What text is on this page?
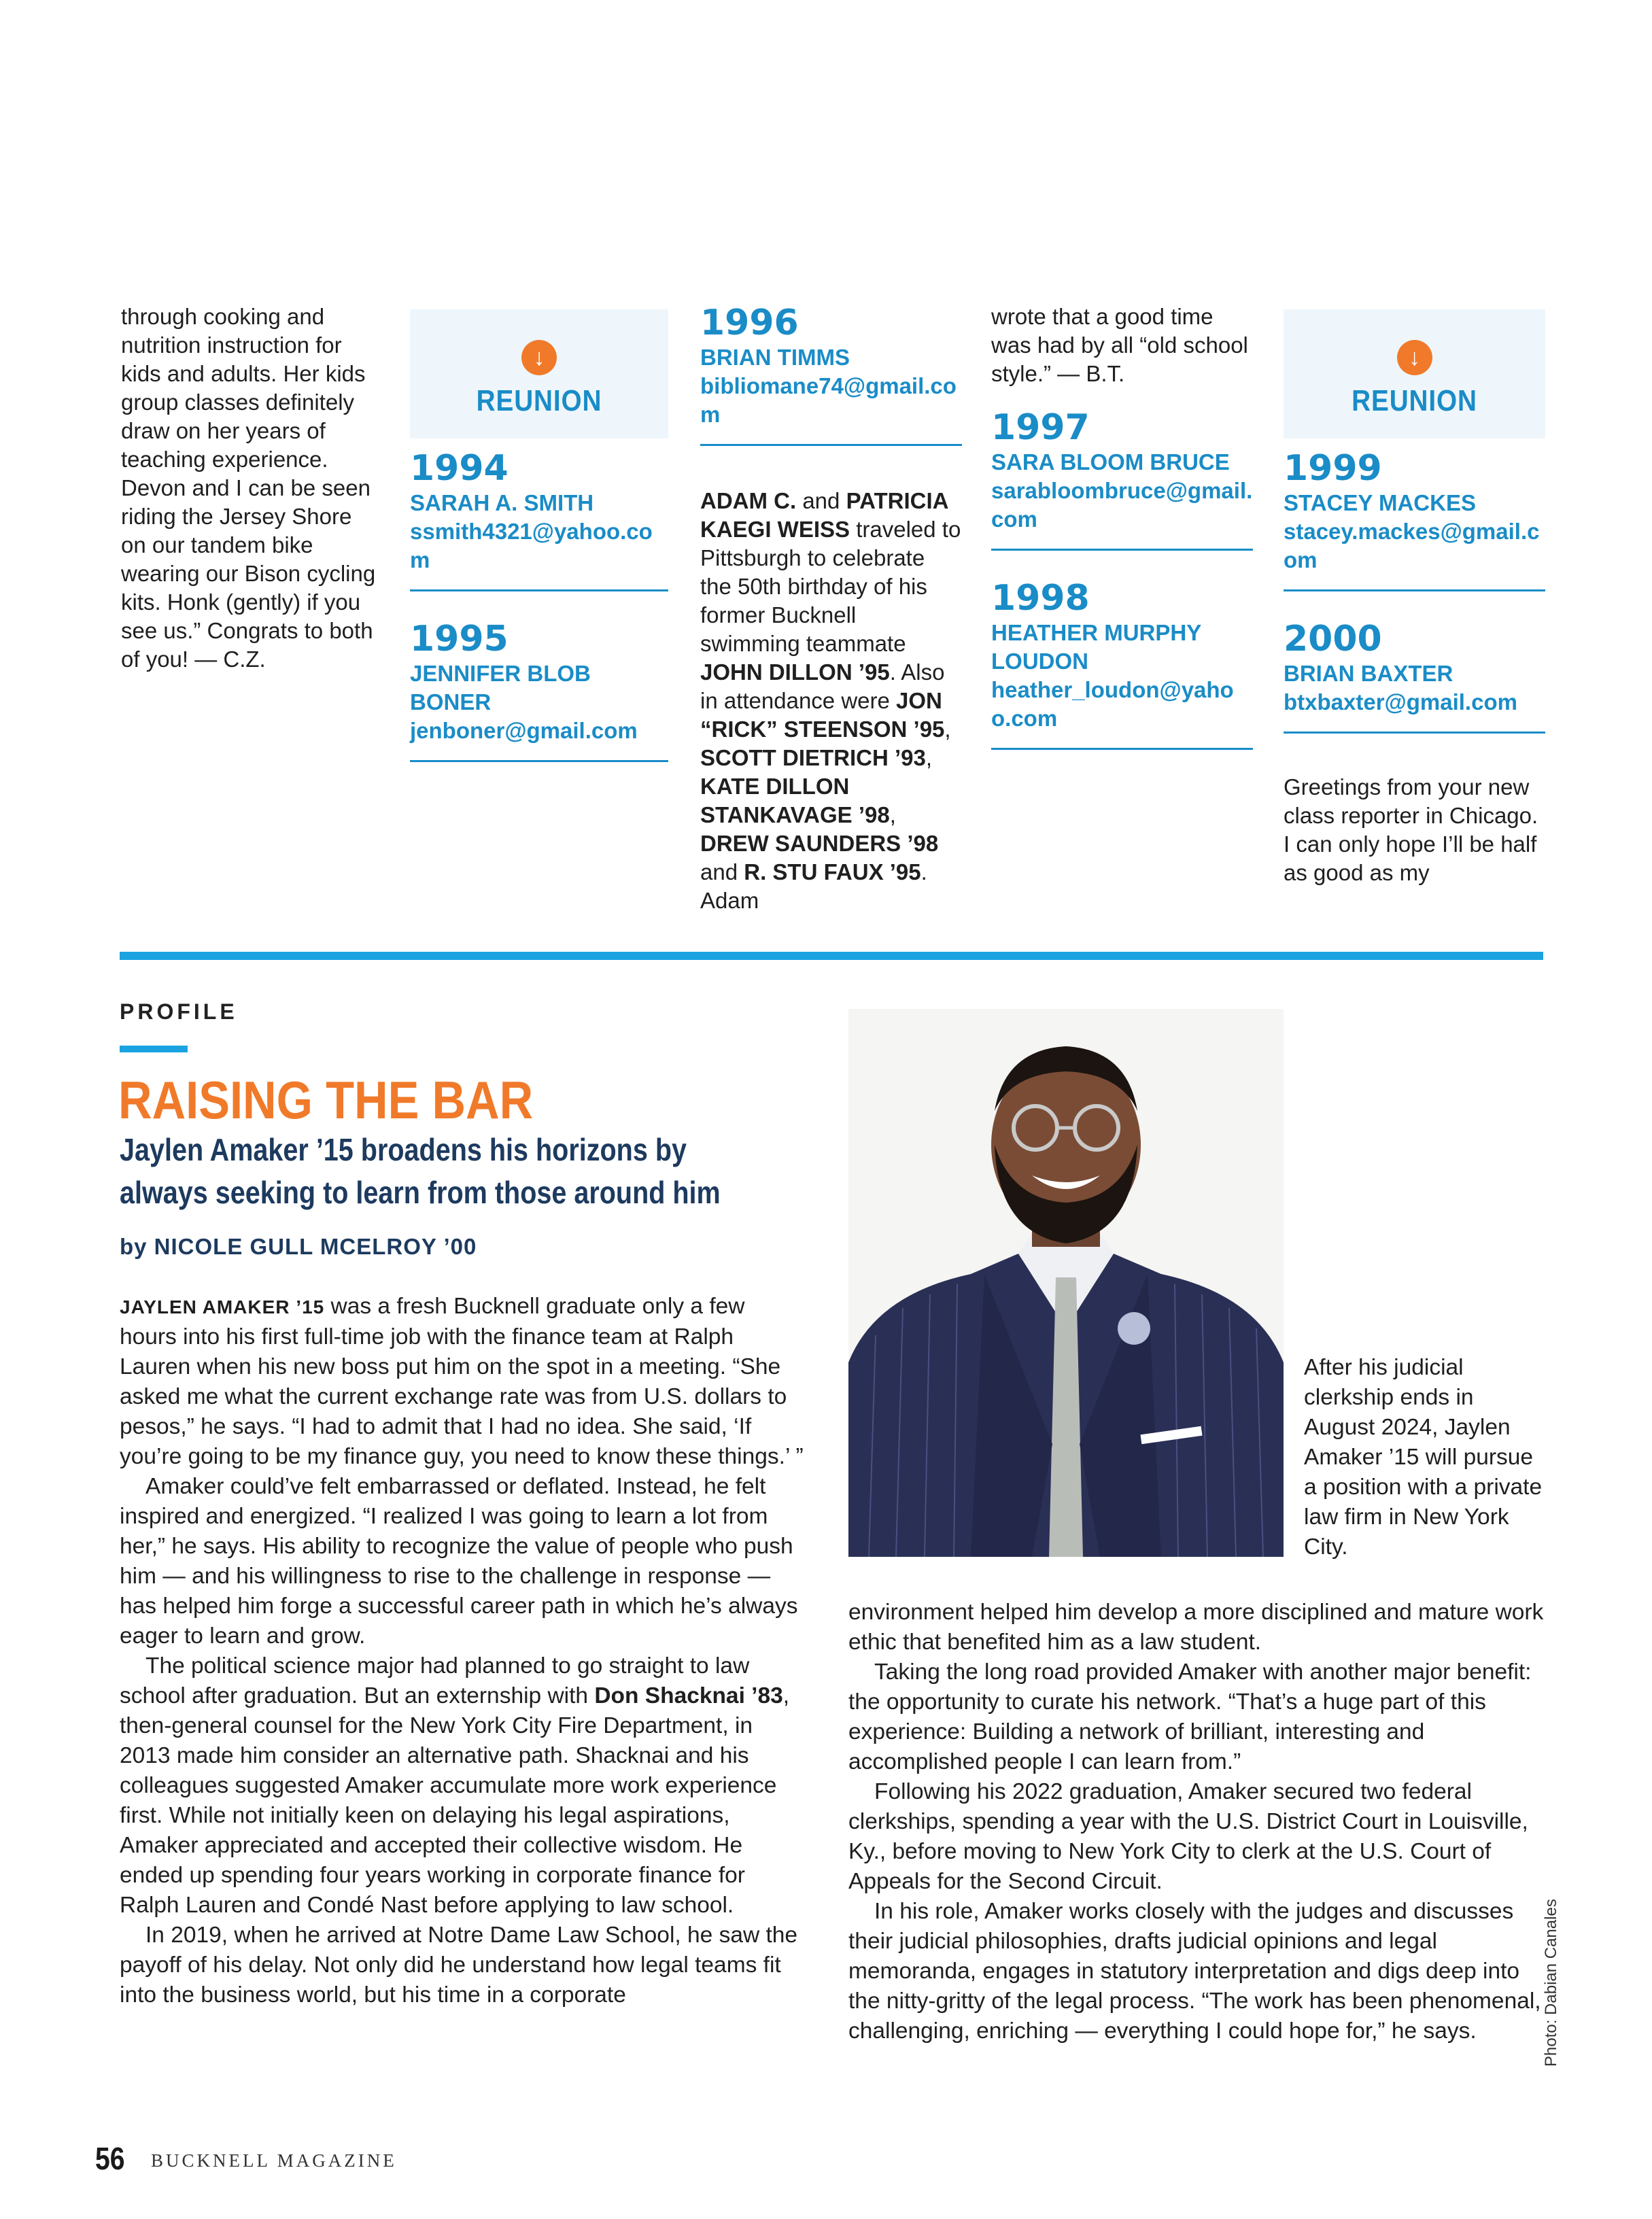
through cooking and nutrition instruction for kids and adults. Her kids group classes definitely draw on her years of teaching experience. Devon and I can be seen riding the Jersey Shore on our tandem bike wearing our Bison cycling kits. Honk (gently) if you see us.” Congrats to both of you! — C.Z.

↓
REUNION
1994
SARAH A. SMITH
ssmith4321@yahoo.com
1995
JENNIFER BLOB BONER
jenboner@gmail.com
1996
BRIAN TIMMS
bibliomane74@gmail.com

ADAM C. and PATRICIA KAEGI WEISS traveled to Pittsburgh to celebrate the 50th birthday of his former Bucknell swimming teammate JOHN DILLON ’95. Also in attendance were JON “RICK” STEENSON ’95, SCOTT DIETRICH ’93, KATE DILLON STANKAVAGE ’98, DREW SAUNDERS ’98 and R. STU FAUX ’95. Adam

wrote that a good time was had by all “old school style.” — B.T.

1997
SARA BLOOM BRUCE
sarabloombruce@gmail.com
1998
HEATHER MURPHY LOUDON
heather_loudon@yahoo.com
↓
REUNION
1999
STACEY MACKES
stacey.mackes@gmail.com
2000
BRIAN BAXTER
btxbaxter@gmail.com

Greetings from your new class reporter in Chicago. I can only hope I’ll be half as good as my

PROFILE
RAISING THE BAR
Jaylen Amaker ’15 broadens his horizons by always seeking to learn from those around him
by NICOLE GULL MCELROY ’00

JAYLEN AMAKER ’15 was a fresh Bucknell graduate only a few hours into his first full-time job with the finance team at Ralph Lauren when his new boss put him on the spot in a meeting. “She asked me what the current exchange rate was from U.S. dollars to pesos,” he says. “I had to admit that I had no idea. She said, ‘If you’re going to be my finance guy, you need to know these things.’ ”

Amaker could’ve felt embarrassed or deflated. Instead, he felt inspired and energized. “I realized I was going to learn a lot from her,” he says. His ability to recognize the value of people who push him — and his willingness to rise to the challenge in response — has helped him forge a successful career path in which he’s always eager to learn and grow.

The political science major had planned to go straight to law school after graduation. But an externship with Don Shacknai ’83, then-general counsel for the New York City Fire Department, in 2013 made him consider an alternative path. Shacknai and his colleagues suggested Amaker accumulate more work experience first. While not initially keen on delaying his legal aspirations, Amaker appreciated and accepted their collective wisdom. He ended up spending four years working in corporate finance for Ralph Lauren and Condé Nast before applying to law school.

In 2019, when he arrived at Notre Dame Law School, he saw the payoff of his delay. Not only did he understand how legal teams fit into the business world, but his time in a corporate

After his judicial clerkship ends in August 2024, Jaylen Amaker ’15 will pursue a position with a private law firm in New York City.

environment helped him develop a more disciplined and mature work ethic that benefited him as a law student.

Taking the long road provided Amaker with another major benefit: the opportunity to curate his network. “That’s a huge part of this experience: Building a network of brilliant, interesting and accomplished people I can learn from.”

Following his 2022 graduation, Amaker secured two federal clerkships, spending a year with the U.S. District Court in Louisville, Ky., before moving to New York City to clerk at the U.S. Court of Appeals for the Second Circuit.

In his role, Amaker works closely with the judges and discusses their judicial philosophies, drafts judicial opinions and legal memoranda, engages in statutory interpretation and digs deep into the nitty-gritty of the legal process. “The work has been phenomenal, challenging, enriching — everything I could hope for,” he says.	Photo: Dabian Canales
56 BUCKNELL MAGAZINE
